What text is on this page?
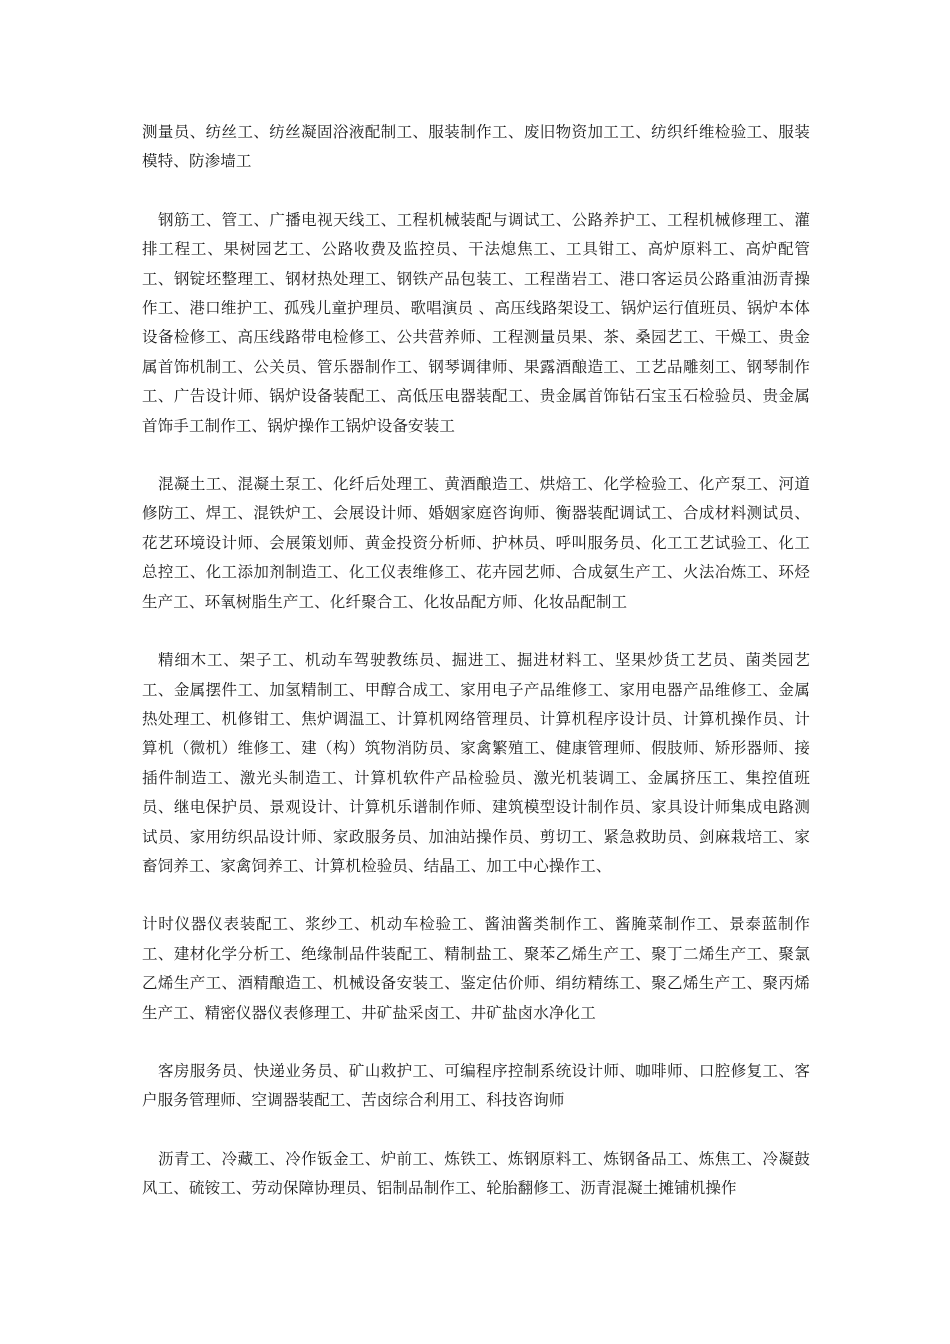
测量员、纺丝工、纺丝凝固浴液配制工、服装制作工、废旧物资加工工、纺织纤维检验工、服装模特、防渗墙工

钢筋工、管工、广播电视天线工、工程机械装配与调试工、公路养护工、工程机械修理工、灌排工程工、果树园艺工、公路收费及监控员、干法熄焦工、工具钳工、高炉原料工、高炉配管工、钢锭坯整理工、钢材热处理工、钢铁产品包装工、工程凿岩工、港口客运员公路重油沥青操作工、港口维护工、孤残儿童护理员、歌唱演员 、高压线路架设工、锅炉运行值班员、锅炉本体设备检修工、高压线路带电检修工、公共营养师、工程测量员果、茶、桑园艺工、干燥工、贵金属首饰机制工、公关员、管乐器制作工、钢琴调律师、果露酒酿造工、工艺品雕刻工、钢琴制作工、广告设计师、锅炉设备装配工、高低压电器装配工、贵金属首饰钻石宝玉石检验员、贵金属首饰手工制作工、锅炉操作工锅炉设备安装工

混凝土工、混凝土泵工、化纤后处理工、黄酒酿造工、烘焙工、化学检验工、化产泵工、河道修防工、焊工、混铁炉工、会展设计师、婚姻家庭咨询师、衡器装配调试工、合成材料测试员、花艺环境设计师、会展策划师、黄金投资分析师、护林员、呼叫服务员、化工工艺试验工、化工总控工、化工添加剂制造工、化工仪表维修工、花卉园艺师、合成氨生产工、火法冶炼工、环烃生产工、环氧树脂生产工、化纤聚合工、化妆品配方师、化妆品配制工

精细木工、架子工、机动车驾驶教练员、掘进工、掘进材料工、坚果炒货工艺员、菌类园艺工、金属摆件工、加氢精制工、甲醇合成工、家用电子产品维修工、家用电器产品维修工、金属热处理工、机修钳工、焦炉调温工、计算机网络管理员、计算机程序设计员、计算机操作员、计算机（微机）维修工、建（构）筑物消防员、家禽繁殖工、健康管理师、假肢师、矫形器师、接插件制造工、激光头制造工、计算机软件产品检验员、激光机装调工、金属挤压工、集控值班员、继电保护员、景观设计、计算机乐谱制作师、建筑模型设计制作员、家具设计师集成电路测试员、家用纺织品设计师、家政服务员、加油站操作员、剪切工、紧急救助员、剑麻栽培工、家畜饲养工、家禽饲养工、计算机检验员、结晶工、加工中心操作工、

计时仪器仪表装配工、浆纱工、机动车检验工、酱油酱类制作工、酱腌菜制作工、景泰蓝制作工、建材化学分析工、绝缘制品件装配工、精制盐工、聚苯乙烯生产工、聚丁二烯生产工、聚氯乙烯生产工、酒精酿造工、机械设备安装工、鉴定估价师、绢纺精练工、聚乙烯生产工、聚丙烯生产工、精密仪器仪表修理工、井矿盐采卤工、井矿盐卤水净化工

客房服务员、快递业务员、矿山救护工、可编程序控制系统设计师、咖啡师、口腔修复工、客户服务管理师、空调器装配工、苦卤综合利用工、科技咨询师

沥青工、冷藏工、冷作钣金工、炉前工、炼铁工、炼钢原料工、炼钢备品工、炼焦工、冷凝鼓风工、硫铵工、劳动保障协理员、铝制品制作工、轮胎翻修工、沥青混凝土摊铺机操作
